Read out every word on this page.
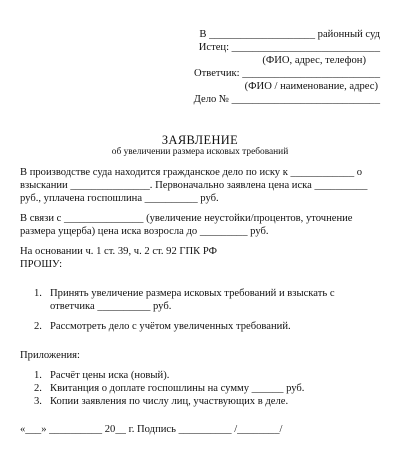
В ____________________ районный суд
Истец: ____________________________
(ФИО, адрес, телефон)
Ответчик: __________________________
(ФИО / наименование, адрес)
Дело № ____________________________
ЗАЯВЛЕНИЕ
об увеличении размера исковых требований
В производстве суда находится гражданское дело по иску к ____________ о
взыскании _______________. Первоначально заявлена цена иска __________
руб., уплачена госпошлина __________ руб.
В связи с _______________ (увеличение неустойки/процентов, уточнение
размера ущерба) цена иска возросла до _________ руб.
На основании ч. 1 ст. 39, ч. 2 ст. 92 ГПК РФ
ПРОШУ:
1. Принять увеличение размера исковых требований и взыскать с
ответчика __________ руб.
2. Рассмотреть дело с учётом увеличенных требований.
Приложения:
1. Расчёт цены иска (новый).
2. Квитанция о доплате госпошлины на сумму ______ руб.
3. Копии заявления по числу лиц, участвующих в деле.
«___» __________ 20__ г. Подпись __________ /________/
